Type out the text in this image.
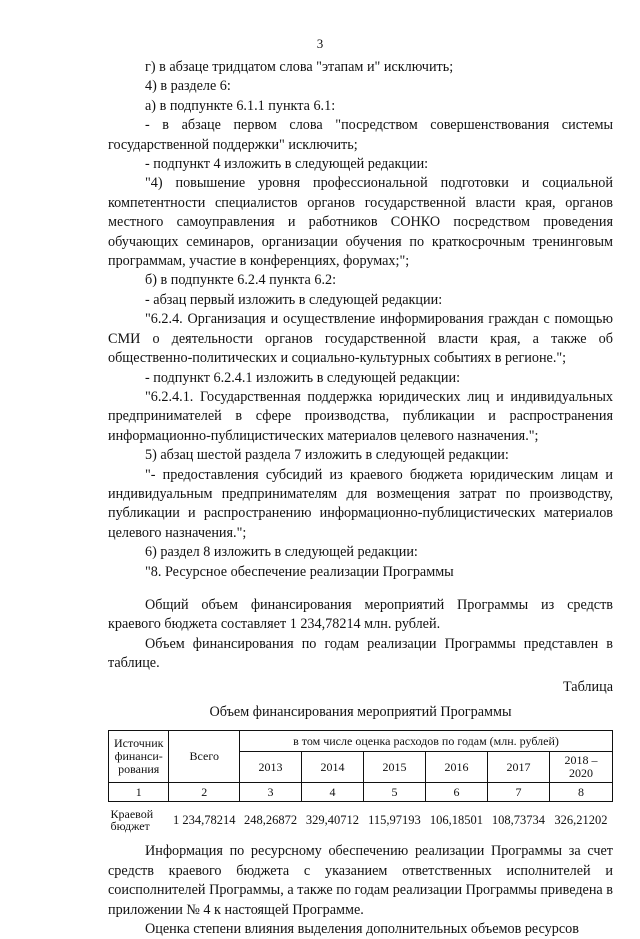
3

г) в абзаце тридцатом слова "этапам и" исключить;

4) в разделе 6:

а) в подпункте 6.1.1 пункта 6.1:

- в абзаце первом слова "посредством совершенствования системы государственной поддержки" исключить;

- подпункт 4 изложить в следующей редакции:

"4) повышение уровня профессиональной подготовки и социальной компетентности специалистов органов государственной власти края, органов местного самоуправления и работников СОНКО посредством проведения обучающих семинаров, организации обучения по краткосрочным тренинговым программам, участие в конференциях, форумах;";

б) в подпункте 6.2.4 пункта 6.2:

- абзац первый изложить в следующей редакции:

"6.2.4. Организация и осуществление информирования граждан с помощью СМИ о деятельности органов государственной власти края, а также об общественно-политических и социально-культурных событиях в регионе.";

- подпункт 6.2.4.1 изложить в следующей редакции:

"6.2.4.1. Государственная поддержка юридических лиц и индивидуальных предпринимателей в сфере производства, публикации и распространения информационно-публицистических материалов целевого назначения.";

5) абзац шестой раздела 7 изложить в следующей редакции:

"- предоставления субсидий из краевого бюджета юридическим лицам и индивидуальным предпринимателям для возмещения затрат по производству, публикации и распространению информационно-публицистических материалов целевого назначения.";

6) раздел 8 изложить в следующей редакции:

"8. Ресурсное обеспечение реализации Программы

Общий объем финансирования мероприятий Программы из средств краевого бюджета составляет 1 234,78214 млн. рублей.

Объем финансирования по годам реализации Программы представлен в таблице.

Таблица
Объем финансирования мероприятий Программы
Источник финанси-рования	Всего	в том числе оценка расходов по годам (млн. рублей)					
		2013	2014	2015	2016	2017	2018 – 2020
1	2	3	4	5	6	7	8
Краевой бюджет	1 234,78214	248,26872	329,40712	115,97193	106,18501	108,73734	326,21202

Информация по ресурсному обеспечению реализации Программы за счет средств краевого бюджета с указанием ответственных исполнителей и соисполнителей Программы, а также по годам реализации Программы приведена в приложении № 4 к настоящей Программе.

Оценка степени влияния выделения дополнительных объемов ресурсов
